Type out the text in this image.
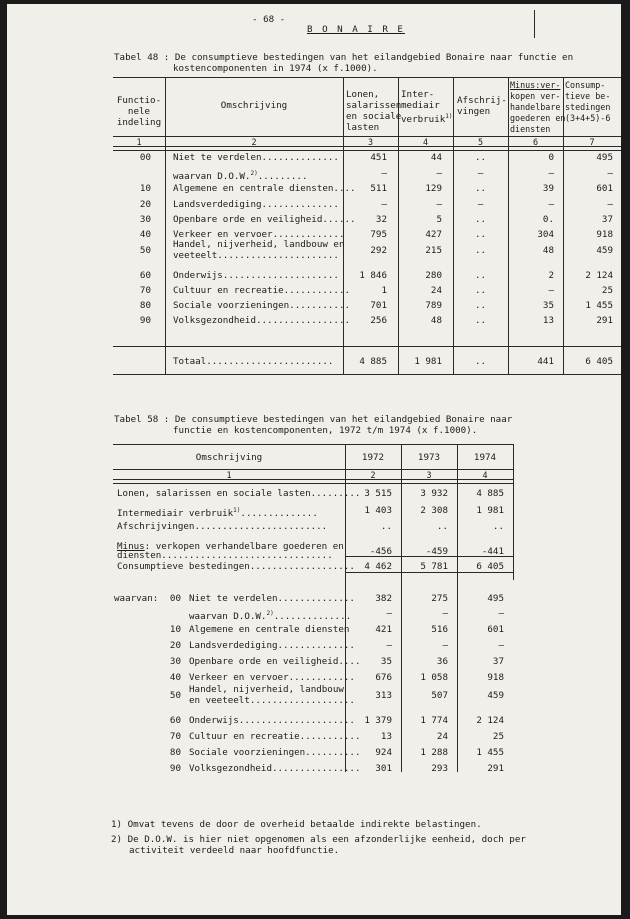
- 68 -
B O N A I R E
Tabel 48 : De consumptieve bestedingen van het eilandgebied Bonaire naar functie en
kostencomponenten in 1974 (x f.1000).
Functio-
nele
indeling
Omschrijving
Lonen,
salarissen
en sociale
lasten
Inter-
mediair
verbruik$^{1)}$
Afschrij-
vingen
Minus:ver-
kopen ver-
handelbare
goederen en
diensten
Consump-
tieve be-
stedingen
(3+4+5)-6
1	2	3	4	5	6	7
00 Niet te verdelen..............	451	44	..	0	495
waarvan D.O.W.$^{2)}$.........	–	–	–	–	–
10 Algemene en centrale diensten....	511	129	..	39	601
20 Landsverdediging..............	–	–	–	–	–
30 Openbare orde en veiligheid......	32	5	..	0.	37
40 Verkeer en vervoer.............	795	427	..	304	918
50
Handel, nijverheid, landbouw en
veeteelt......................	292	215	..	48	459
60 Onderwijs.....................	1 846	280	..	2	2 124
70 Cultuur en recreatie............	1	24	..	–	25
80 Sociale voorzieningen...........	701	789	..	35	1 455
90 Volksgezondheid.................	256	48	..	13	291
Totaal.......................	4 885	1 981	..	441	6 405
Tabel 58 : De consumptieve bestedingen van het eilandgebied Bonaire naar
functie en kostencomponenten, 1972 t/m 1974 (x f.1000).
Omschrijving	1972	1973	1974
1	2	3	4
Lonen, salarissen en sociale lasten......... 3 515	3 932	4 885
Intermediair verbruik$^{1)}$..............	1 403	2 308	1 981
Afschrijvingen........................	..	..	..
Minus: verkopen verhandelbare goederen en
diensten...............................	-456	-459	-441
Consumptieve bestedingen...................	4 462	5 781	6 405
00 Niet te verdelen..............	382	275	495
waarvan D.O.W.$^{2)}$..............	–	–	–
10 Algemene en centrale diensten	421	516	601
20 Landsverdediging..............	–	–	–
30 Openbare orde en veiligheid....	35	36	37
40 Verkeer en vervoer............	676	1 058	918
50
Handel, nijverheid, landbouw
en veeteelt...................	313	507	459
60 Onderwijs.....................	1 379	1 774	2 124
70 Cultuur en recreatie...........	13	24	25
80 Sociale voorzieningen..........	924	1 288	1 455
90 Volksgezondheid................	301	293	291
waarvan:
1) Omvat tevens de door de overheid betaalde indirekte belastingen.
2) De D.O.W. is hier niet opgenomen als een afzonderlijke eenheid, doch per
activiteit verdeeld naar hoofdfunctie.
